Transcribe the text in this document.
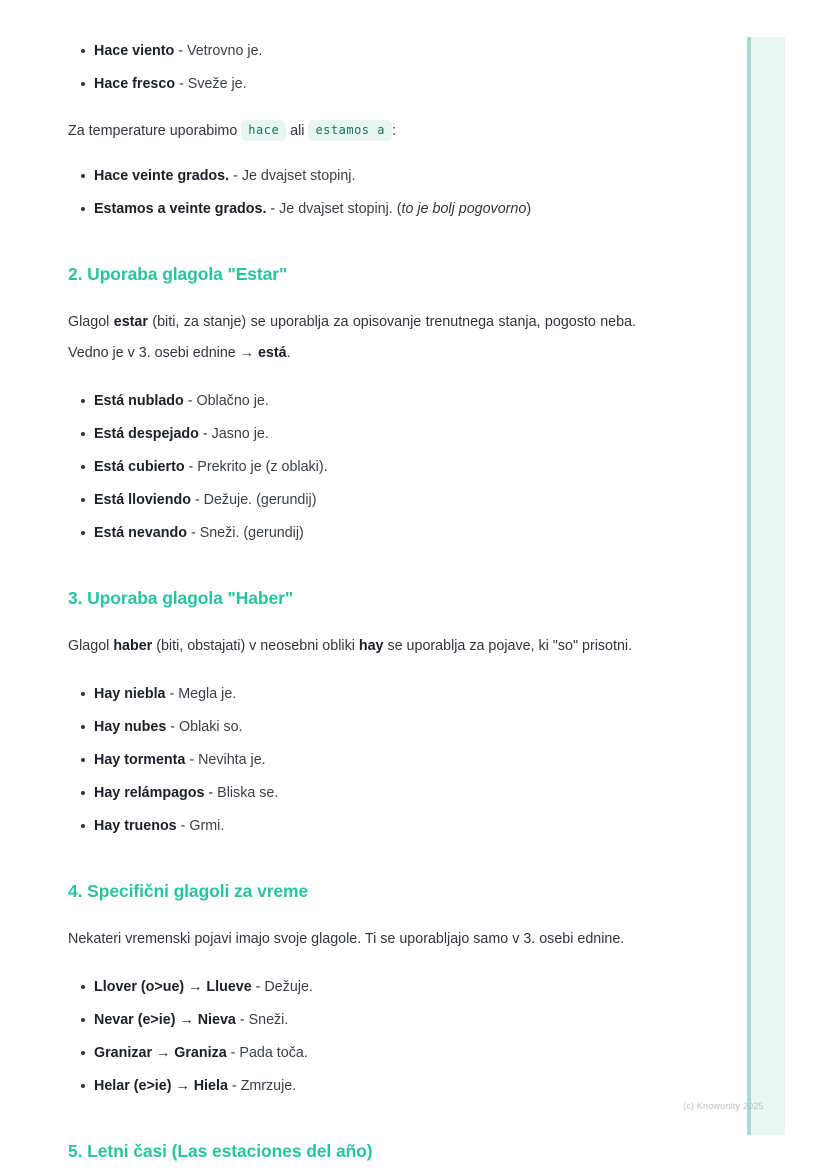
Hace viento - Vetrovno je.
Hace fresco - Sveže je.

Za temperature uporabimo hace ali estamos a :

Hace veinte grados. - Je dvajset stopinj.
Estamos a veinte grados. - Je dvajset stopinj. (to je bolj pogovorno)
2. Uporaba glagola "Estar"

Glagol estar (biti, za stanje) se uporablja za opisovanje trenutnega stanja, pogosto neba. Vedno je v 3. osebi ednine → está.

Está nublado - Oblačno je.
Está despejado - Jasno je.
Está cubierto - Prekrito je (z oblaki).
Está lloviendo - Dežuje. (gerundij)
Está nevando - Sneži. (gerundij)
3. Uporaba glagola "Haber"

Glagol haber (biti, obstajati) v neosebni obliki hay se uporablja za pojave, ki "so" prisotni.

Hay niebla - Megla je.
Hay nubes - Oblaki so.
Hay tormenta - Nevihta je.
Hay relámpagos - Bliska se.
Hay truenos - Grmi.
4. Specifični glagoli za vreme

Nekateri vremenski pojavi imajo svoje glagole. Ti se uporabljajo samo v 3. osebi ednine.

Llover (o>ue) → Llueve - Dežuje.
Nevar (e>ie) → Nieva - Sneži.
Granizar → Graniza - Pada toča.
Helar (e>ie) → Hiela - Zmrzuje.
5. Letni časi (Las estaciones del año)
(c) Knowunity 2025
